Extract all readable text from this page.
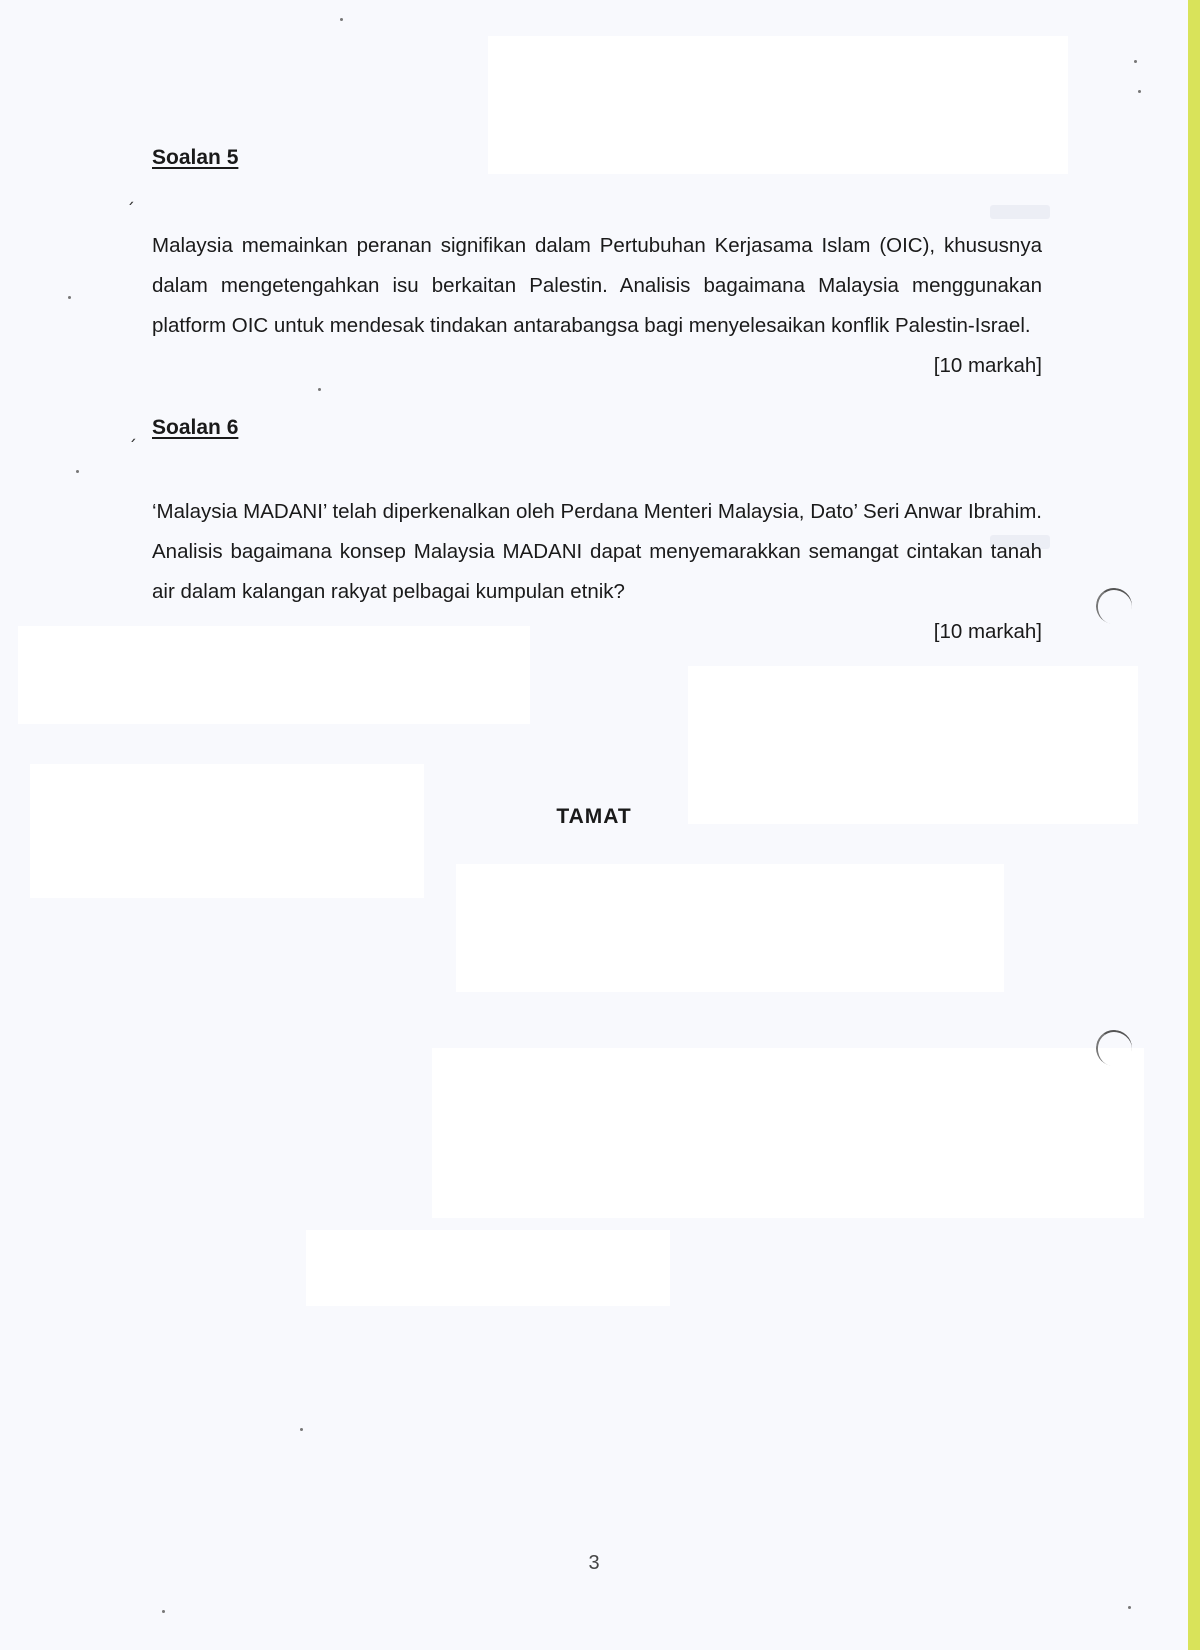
ˊ

Soalan 5

Malaysia memainkan peranan signifikan dalam Pertubuhan Kerjasama Islam (OIC), khususnya dalam mengetengahkan isu berkaitan Palestin. Analisis bagaimana Malaysia menggunakan platform OIC untuk mendesak tindakan antarabangsa bagi menyelesaikan konflik Palestin-Israel.
[10 markah]

ˏ Soalan 6

‘Malaysia MADANI’ telah diperkenalkan oleh Perdana Menteri Malaysia, Dato’ Seri Anwar Ibrahim. Analisis bagaimana konsep Malaysia MADANI dapat menyemarakkan semangat cintakan tanah air dalam kalangan rakyat pelbagai kumpulan etnik?

[10 markah]
TAMAT
3
